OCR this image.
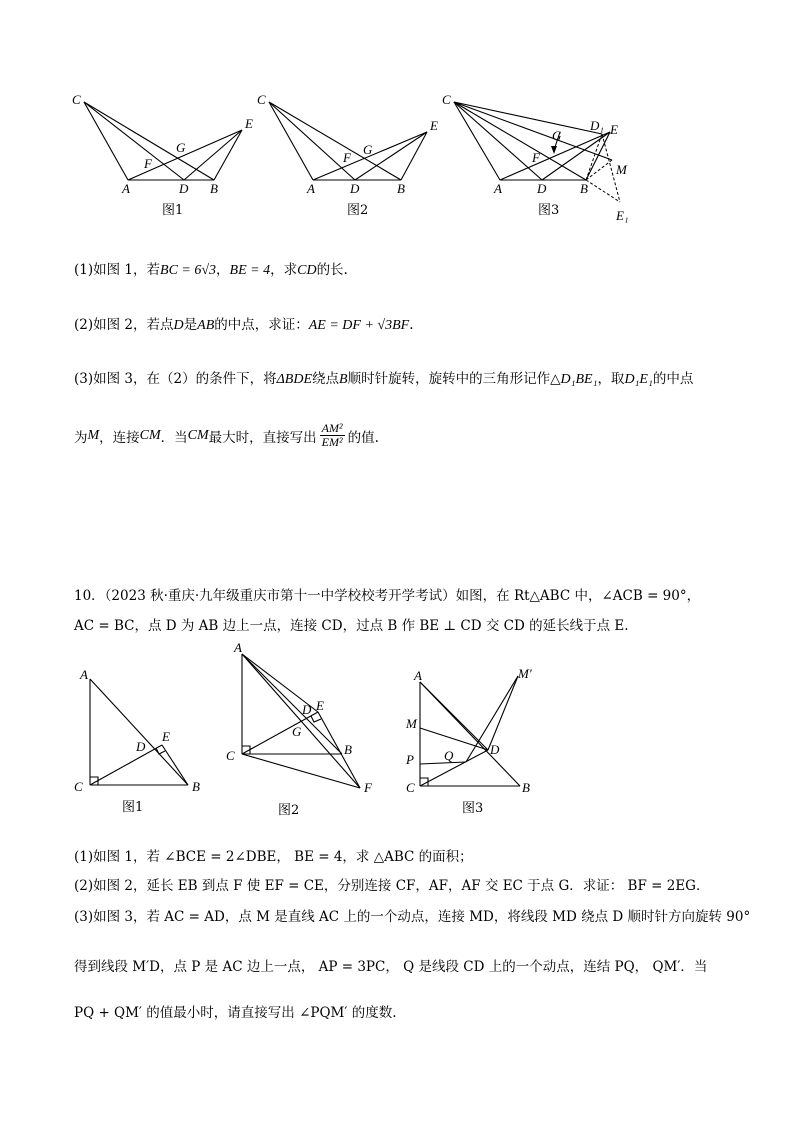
C
E
F
G
A	D B
图1
C
E
F
G
A	D	B
图2
C
G
D₁ E
M
F
A	D	B
E₁
图3
(1)如图 1，若BC = 6√3，BE = 4，求CD的长.
(2)如图 2，若点D是AB的中点，求证：AE = DF + √3BF.
(3)如图 3，在（2）的条件下，将ΔBDE绕点B顺时针旋转，旋转中的三角形记作△D₁BE₁，取D₁E₁的中点
为 M ，连接 CM ．当 CM 最大时，直接写出
AM²
EM² 的值.
10．（2023 秋·重庆·九年级重庆市第十一中学校校考开学考试）如图，在 Rt△ABC 中，∠ACB = 90°，
AC = BC，点 D 为 AB 边上一点，连接 CD，过点 B 作 BE ⊥ CD 交 CD 的延长线于点 E.
A
E
D
C	B
图1
A
D E
G
B
C
F
图2
A	M′
M
D
P Q
C	B
图3
(1)如图 1，若 ∠BCE = 2∠DBE， BE = 4，求 △ABC 的面积；
(2)如图 2，延长 EB 到点 F 使 EF = CE，分别连接 CF，AF，AF 交 EC 于点 G．求证： BF = 2EG．
(3)如图 3，若 AC = AD，点 M 是直线 AC 上的一个动点，连接 MD，将线段 MD 绕点 D 顺时针方向旋转 90°
得到线段 M′D，点 P 是 AC 边上一点， AP = 3PC， Q 是线段 CD 上的一个动点，连结 PQ， QM′．当
PQ + QM′ 的值最小时，请直接写出 ∠PQM′ 的度数.
